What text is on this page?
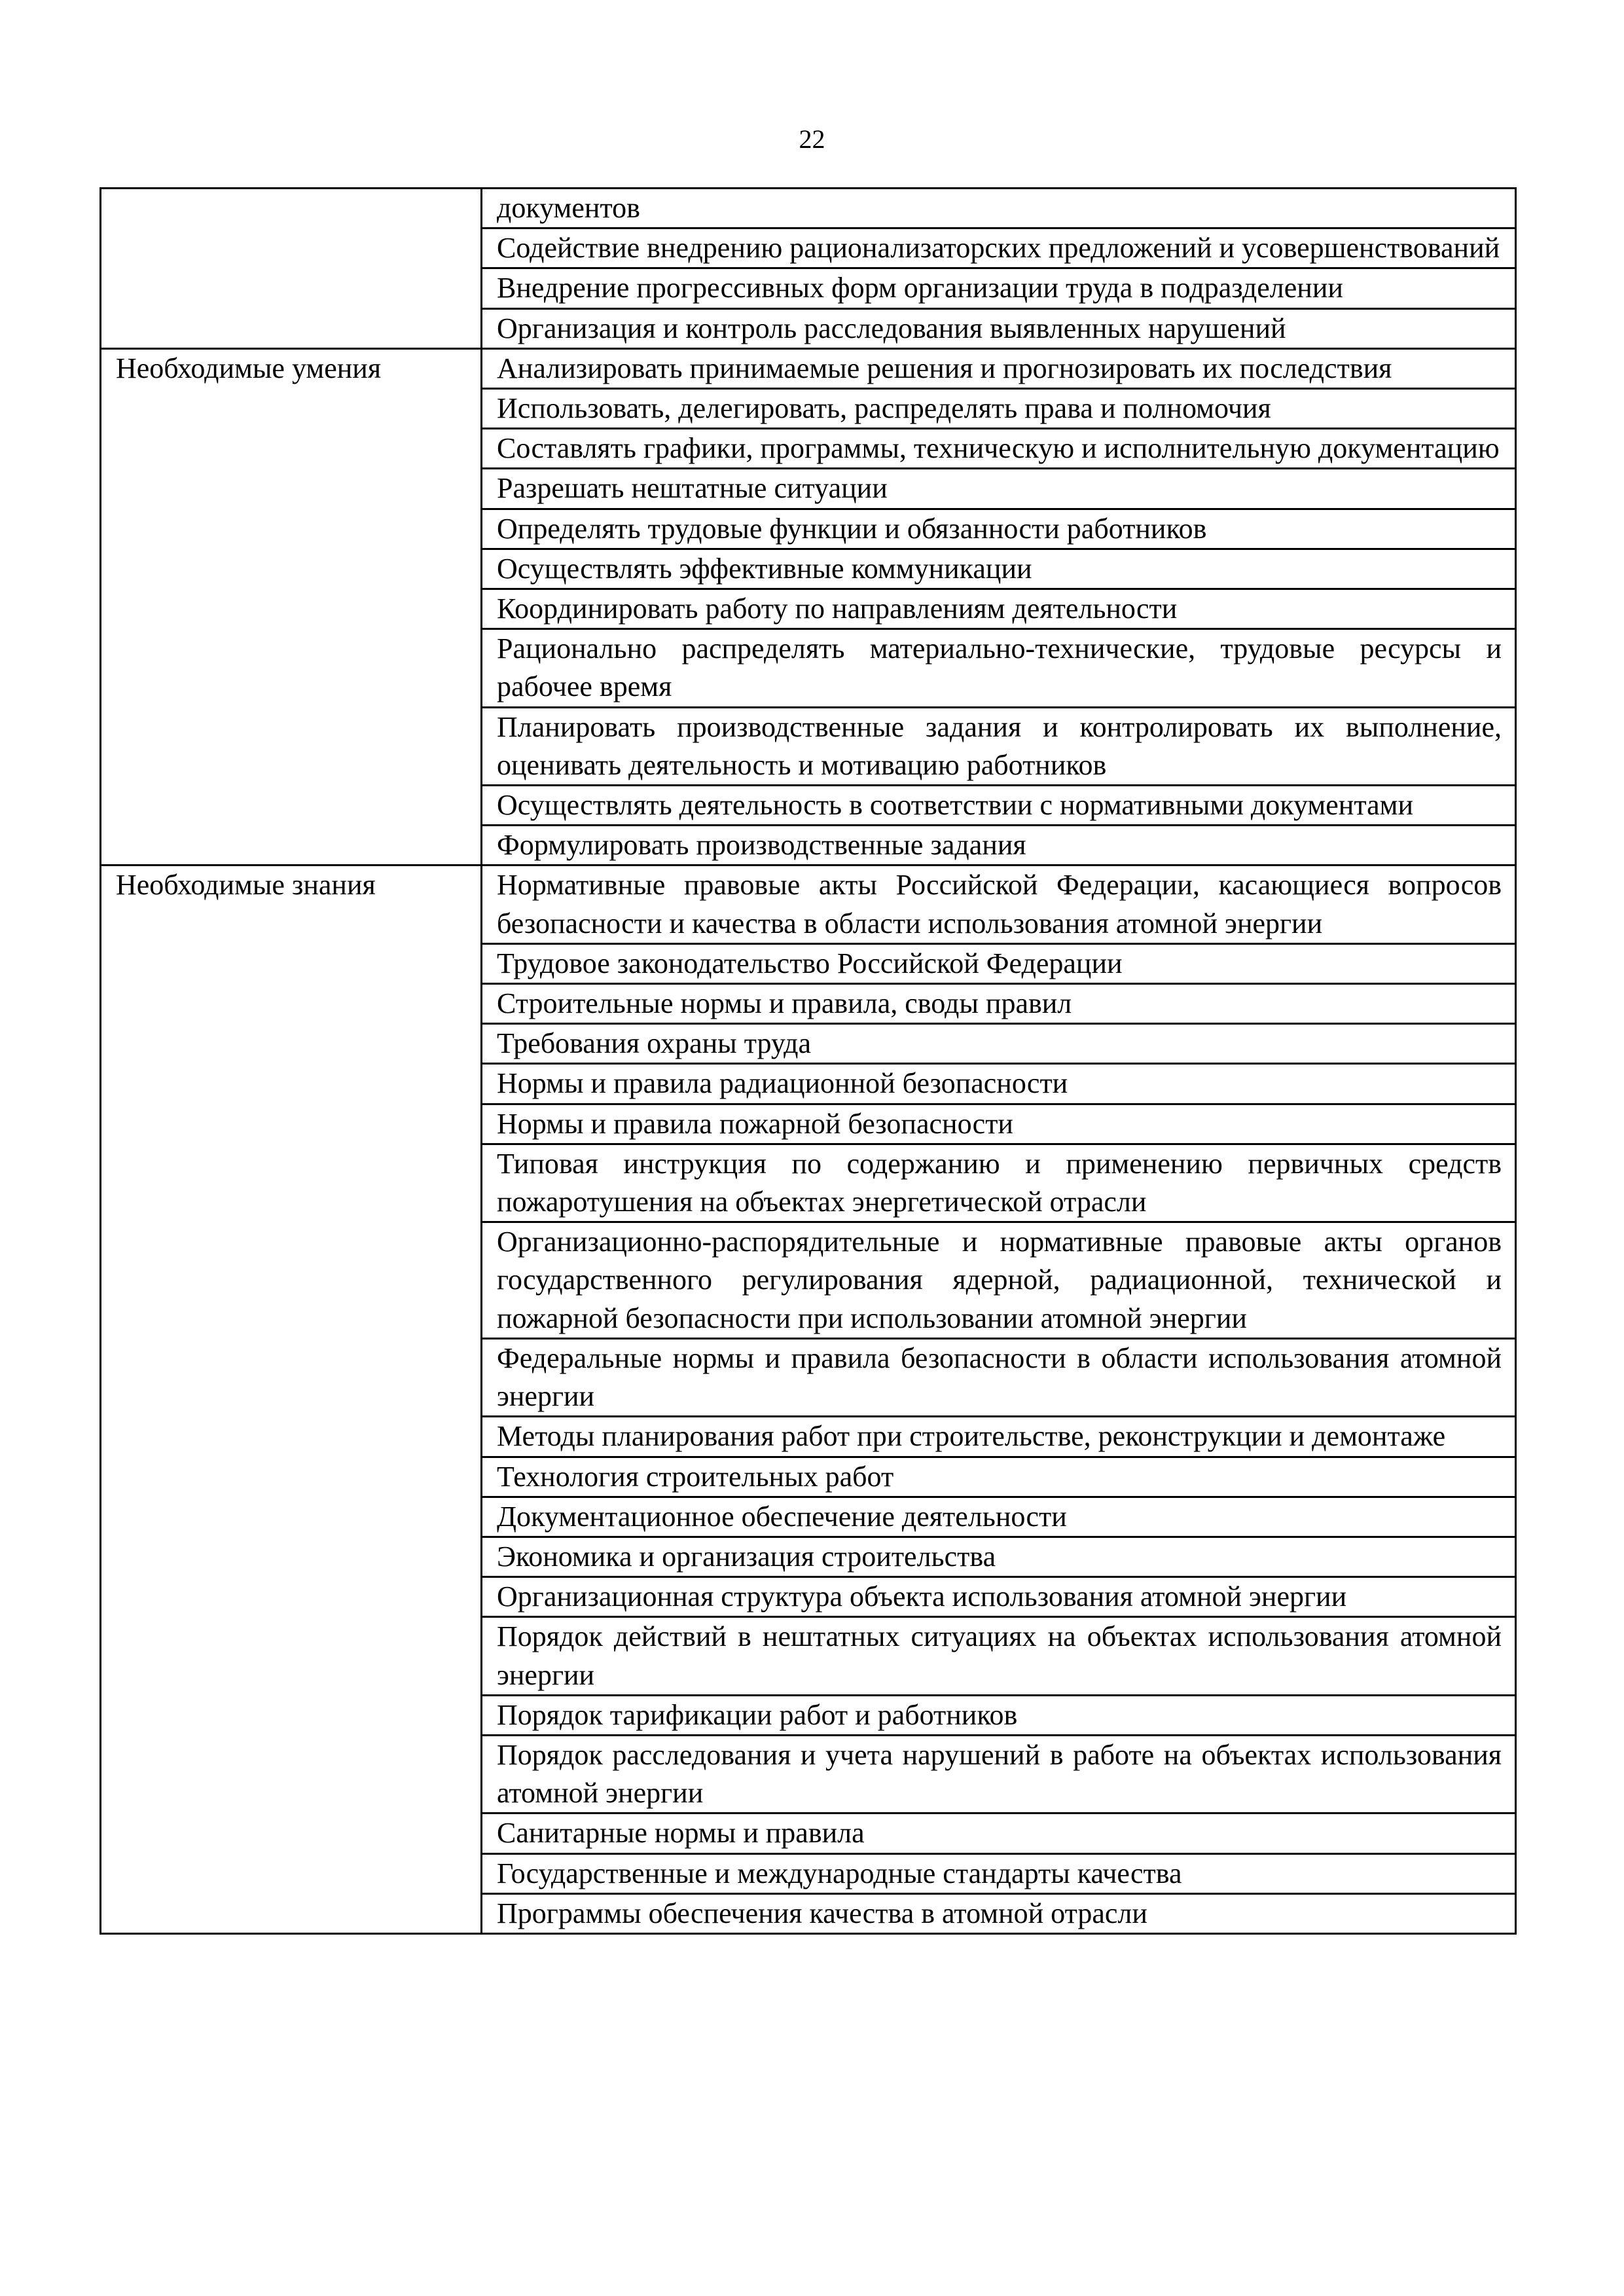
22

	документов

	Содействие внедрению рационализаторских предложений и усовершенствований

	Внедрение прогрессивных форм организации труда в подразделении

	Организация и контроль расследования выявленных нарушений

Необходимые умения	Анализировать принимаемые решения и прогнозировать их последствия

	Использовать, делегировать, распределять права и полномочия

	Составлять графики, программы, техническую и исполнительную документацию

	Разрешать нештатные ситуации

	Определять трудовые функции и обязанности работников

	Осуществлять эффективные коммуникации

	Координировать работу по направлениям деятельности

	Рационально распределять материально-технические, трудовые ресурсы и рабочее время

	Планировать производственные задания и контролировать их выполнение, оценивать деятельность и мотивацию работников

	Осуществлять деятельность в соответствии с нормативными документами

	Формулировать производственные задания

Необходимые знания	Нормативные правовые акты Российской Федерации, касающиеся вопросов безопасности и качества в области использования атомной энергии

	Трудовое законодательство Российской Федерации

	Строительные нормы и правила, своды правил

	Требования охраны труда

	Нормы и правила радиационной безопасности

	Нормы и правила пожарной безопасности

	Типовая инструкция по содержанию и применению первичных средств пожаротушения на объектах энергетической отрасли

	Организационно-распорядительные и нормативные правовые акты органов государственного регулирования ядерной, радиационной, технической и пожарной безопасности при использовании атомной энергии

	Федеральные нормы и правила безопасности в области использования атомной энергии

	Методы планирования работ при строительстве, реконструкции и демонтаже

	Технология строительных работ

	Документационное обеспечение деятельности

	Экономика и организация строительства

	Организационная структура объекта использования атомной энергии

	Порядок действий в нештатных ситуациях на объектах использования атомной энергии

	Порядок тарификации работ и работников

	Порядок расследования и учета нарушений в работе на объектах использования атомной энергии

	Санитарные нормы и правила

	Государственные и международные стандарты качества

	Программы обеспечения качества в атомной отрасли
